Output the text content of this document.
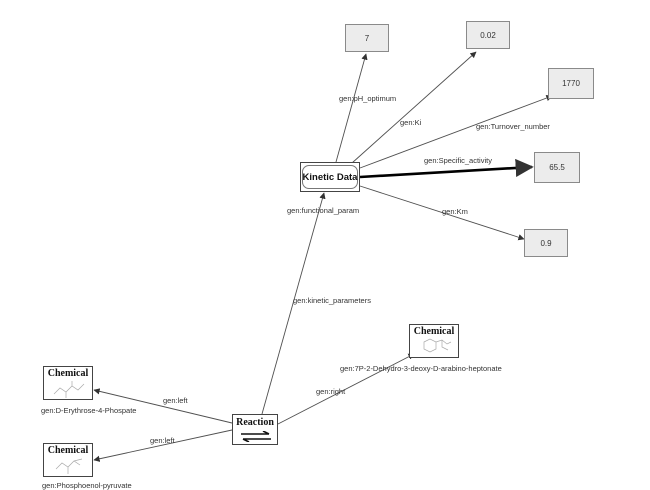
gen:pH_optimum
gen:Ki	gen:Turnover_number
gen:Specific_activity
gen:Km
gen:functional_param
gen:kinetic_parameters
gen:right
gen:left
gen:left
7	0.02
1770
65.5
0.9
Kinetic Data
Chemical
gen:7P-2-Dehydro-3-deoxy-D-arabino-heptonate
Chemical
gen:D-Erythrose-4-Phospate
Chemical
gen:Phosphoenol-pyruvate
Reaction
